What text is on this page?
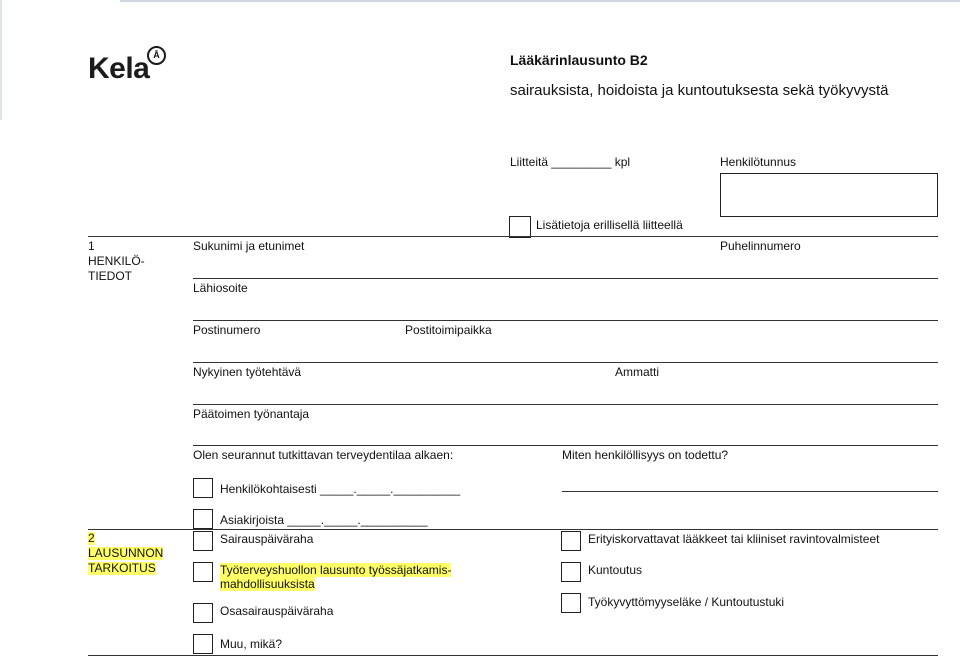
Kela Å	Lääkärinlausunto B2
sairauksista, hoidoista ja kuntoutuksesta sekä työkyvystä
Liitteitä _________ kpl	Henkilötunnus
Lisätietoja erillisellä liitteellä
1
HENKILÖ-
TIEDOT
Sukunimi ja etunimet	Puhelinnumero
Lähiosoite
Postinumero	Postitoimipaikka
Nykyinen työtehtävä	Ammatti
Päätoimen työnantaja
Olen seurannut tutkittavan terveydentilaa alkaen:	Miten henkilöllisyys on todettu?
Henkilökohtaisesti _____._____.__________
Asiakirjoista _____._____.__________
2
LAUSUNNON
TARKOITUS
Sairauspäiväraha
Työterveyshuollon lausunto työssäjatkamis-
mahdollisuuksista
Osasairauspäiväraha
Muu, mikä?
Erityiskorvattavat lääkkeet tai kliiniset ravintovalmisteet
Kuntoutus
Työkyvyttömyyseläke / Kuntoutustuki
